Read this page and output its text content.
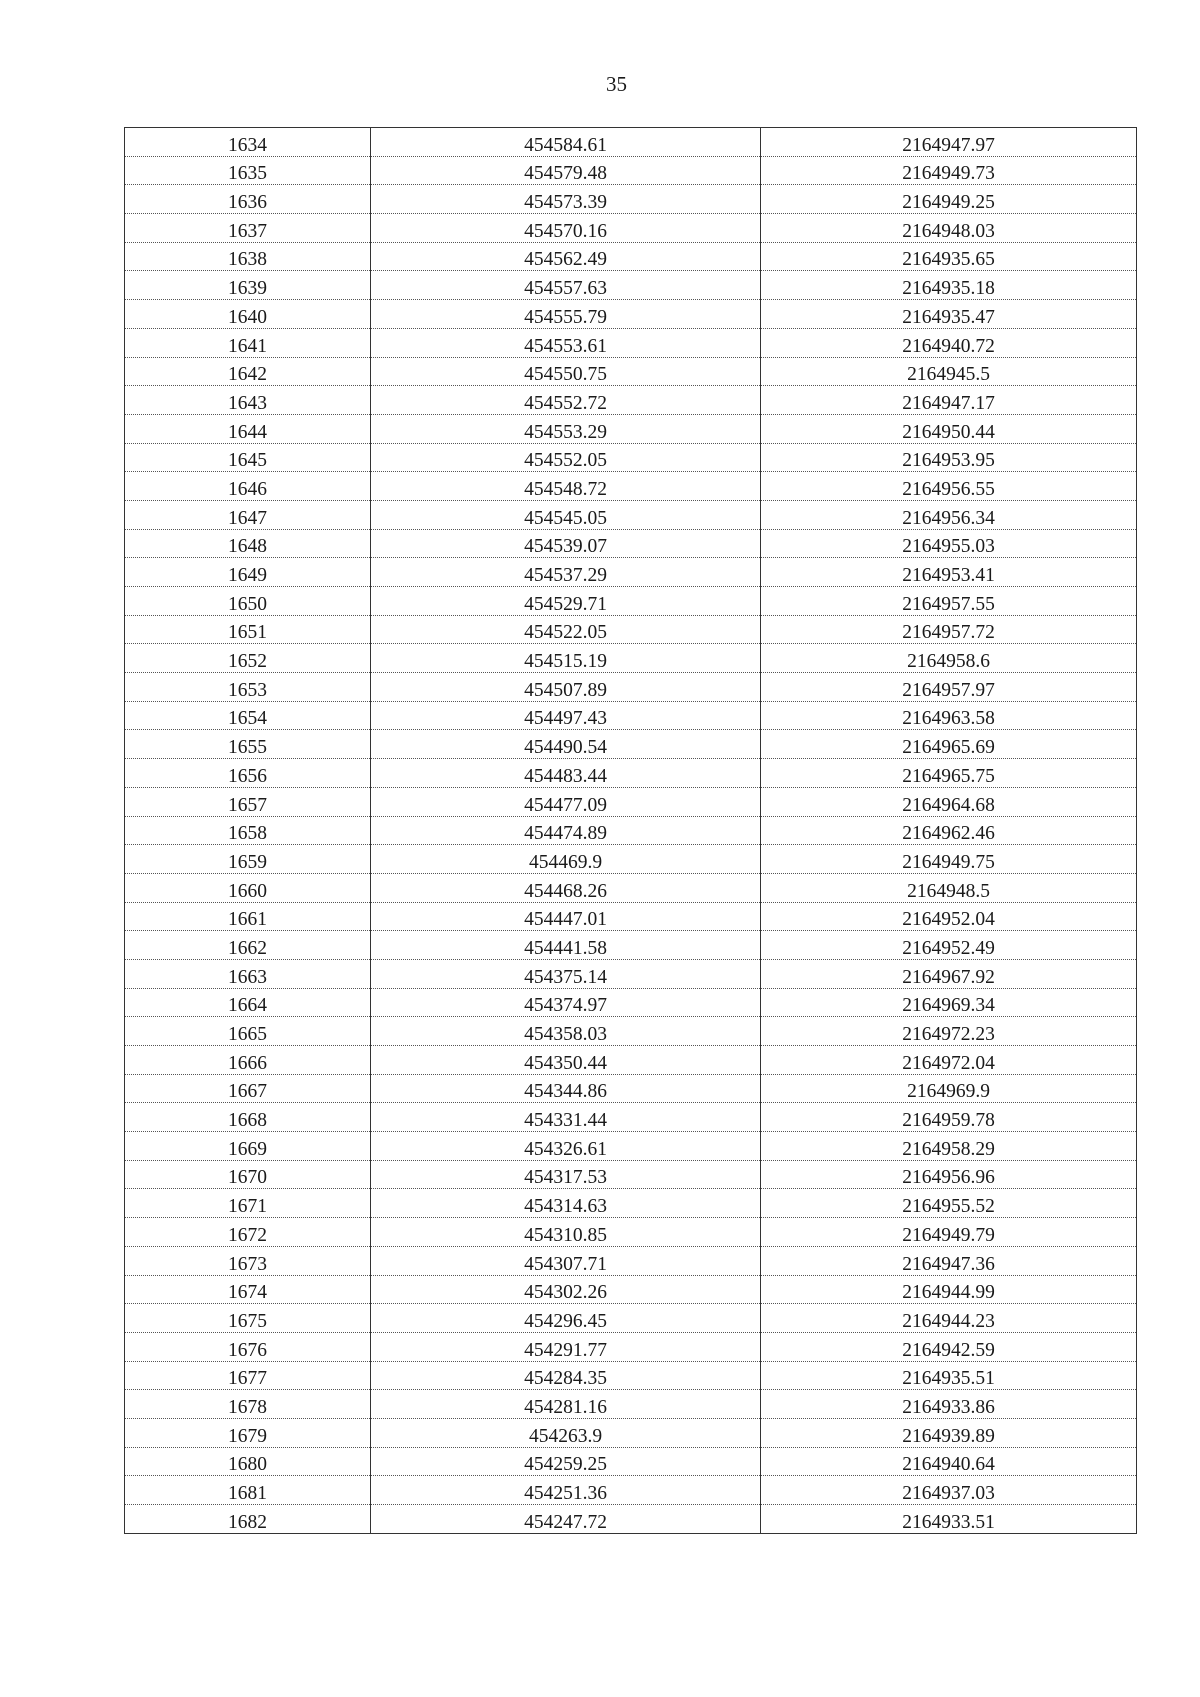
35
1634	454584.61	2164947.97
1635	454579.48	2164949.73
1636	454573.39	2164949.25
1637	454570.16	2164948.03
1638	454562.49	2164935.65
1639	454557.63	2164935.18
1640	454555.79	2164935.47
1641	454553.61	2164940.72
1642	454550.75	2164945.5
1643	454552.72	2164947.17
1644	454553.29	2164950.44
1645	454552.05	2164953.95
1646	454548.72	2164956.55
1647	454545.05	2164956.34
1648	454539.07	2164955.03
1649	454537.29	2164953.41
1650	454529.71	2164957.55
1651	454522.05	2164957.72
1652	454515.19	2164958.6
1653	454507.89	2164957.97
1654	454497.43	2164963.58
1655	454490.54	2164965.69
1656	454483.44	2164965.75
1657	454477.09	2164964.68
1658	454474.89	2164962.46
1659	454469.9	2164949.75
1660	454468.26	2164948.5
1661	454447.01	2164952.04
1662	454441.58	2164952.49
1663	454375.14	2164967.92
1664	454374.97	2164969.34
1665	454358.03	2164972.23
1666	454350.44	2164972.04
1667	454344.86	2164969.9
1668	454331.44	2164959.78
1669	454326.61	2164958.29
1670	454317.53	2164956.96
1671	454314.63	2164955.52
1672	454310.85	2164949.79
1673	454307.71	2164947.36
1674	454302.26	2164944.99
1675	454296.45	2164944.23
1676	454291.77	2164942.59
1677	454284.35	2164935.51
1678	454281.16	2164933.86
1679	454263.9	2164939.89
1680	454259.25	2164940.64
1681	454251.36	2164937.03
1682	454247.72	2164933.51
